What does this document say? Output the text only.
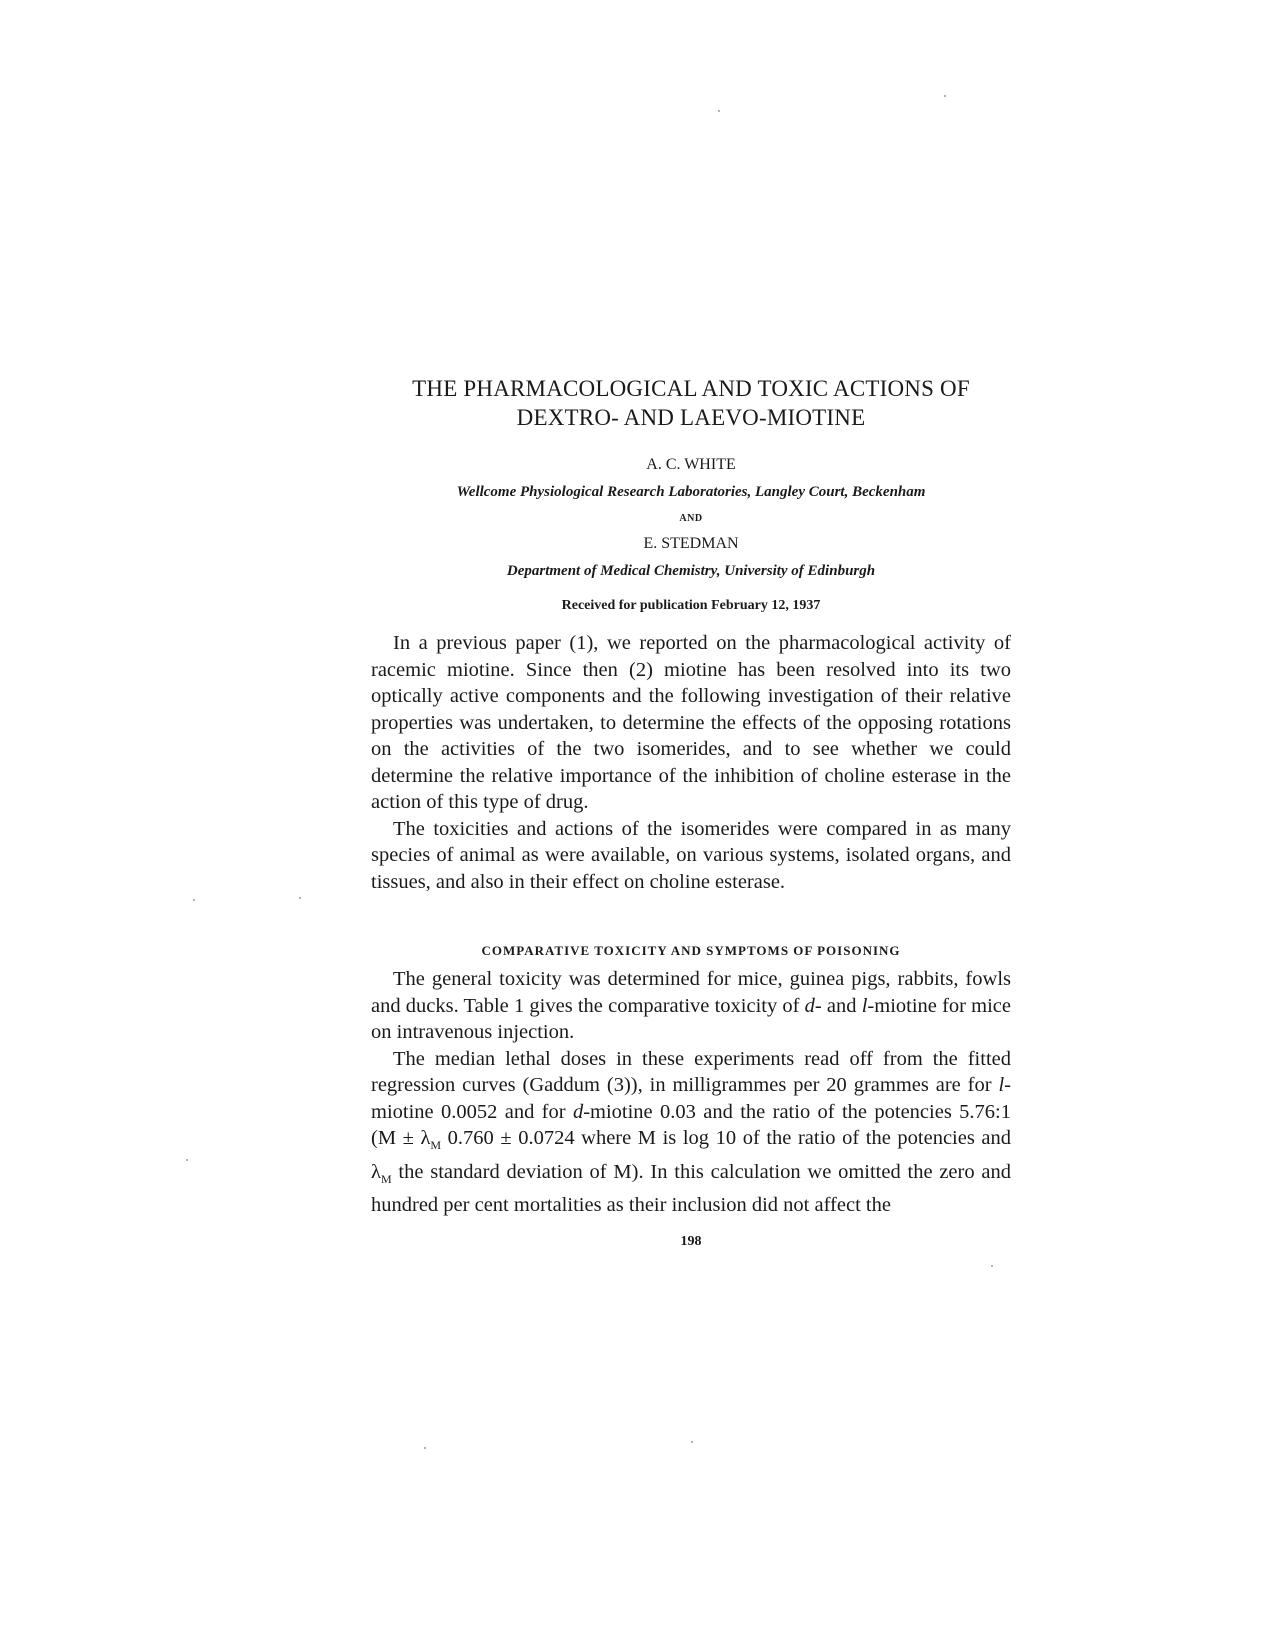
THE PHARMACOLOGICAL AND TOXIC ACTIONS OF
DEXTRO- AND LAEVO-MIOTINE
A. C. WHITE
Wellcome Physiological Research Laboratories, Langley Court, Beckenham
AND
E. STEDMAN
Department of Medical Chemistry, University of Edinburgh
Received for publication February 12, 1937

In a previous paper (1), we reported on the pharmacological activity of racemic miotine. Since then (2) miotine has been resolved into its two optically active components and the following investigation of their relative properties was undertaken, to determine the effects of the opposing rotations on the activities of the two isomerides, and to see whether we could determine the relative importance of the inhibition of choline esterase in the action of this type of drug.

The toxicities and actions of the isomerides were compared in as many species of animal as were available, on various systems, isolated organs, and tissues, and also in their effect on choline esterase.

COMPARATIVE TOXICITY AND SYMPTOMS OF POISONING

The general toxicity was determined for mice, guinea pigs, rabbits, fowls and ducks. Table 1 gives the comparative toxicity of d- and l-miotine for mice on intravenous injection.

The median lethal doses in these experiments read off from the fitted regression curves (Gaddum (3)), in milligrammes per 20 grammes are for l-miotine 0.0052 and for d-miotine 0.03 and the ratio of the potencies 5.76:1 ($M \pm \lambda_M$ 0.760 ± 0.0724 where M is log 10 of the ratio of the potencies and $\lambda_M$ the standard deviation of M). In this calculation we omitted the zero and hundred per cent mortalities as their inclusion did not affect the

198
